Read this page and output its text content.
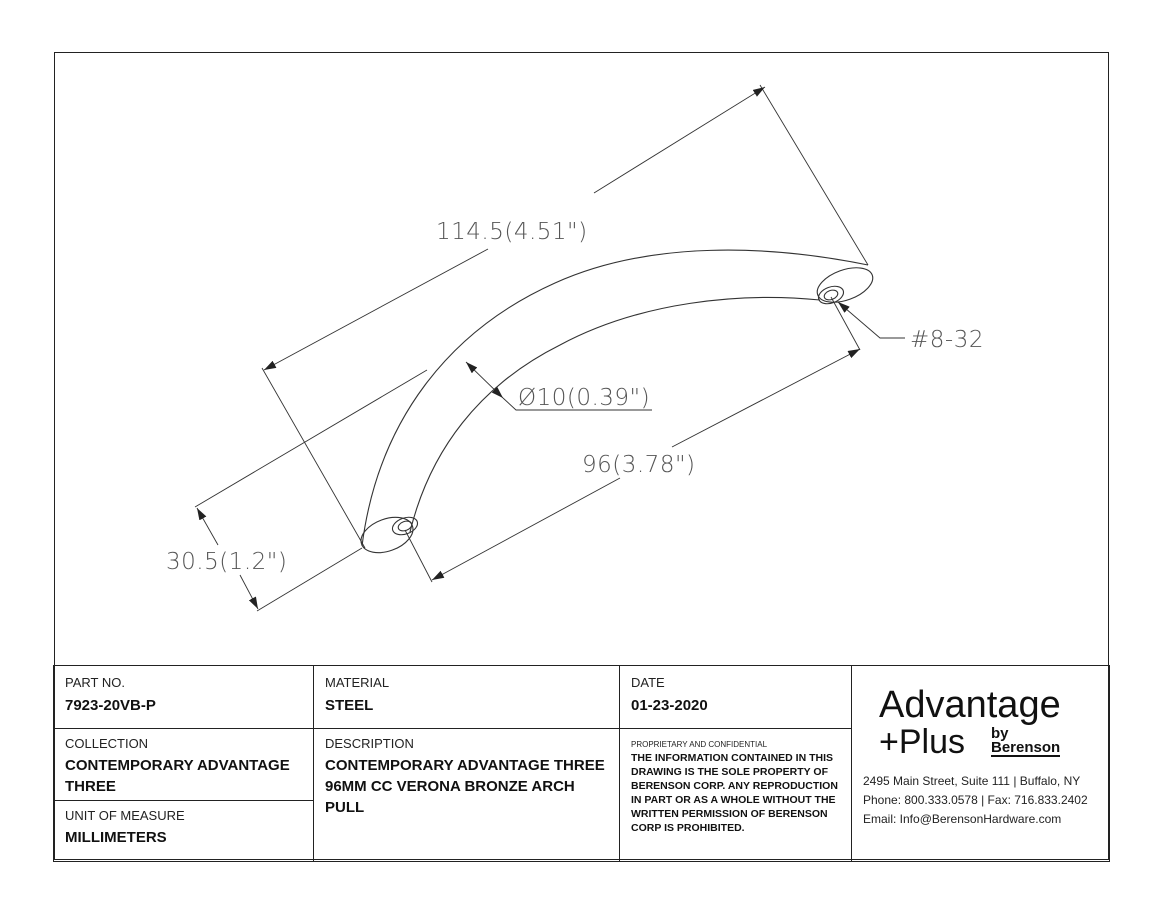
114.5(4.51")
Ø10(0.39")
96(3.78")
30.5(1.2")
#8-32
PART NO.
7923-20VB-P
MATERIAL
STEEL
DATE
01-23-2020
COLLECTION
CONTEMPORARY ADVANTAGE THREE
DESCRIPTION
CONTEMPORARY ADVANTAGE THREE 96MM CC VERONA BRONZE ARCH PULL
PROPRIETARY AND CONFIDENTIAL
THE INFORMATION CONTAINED IN THIS DRAWING IS THE SOLE PROPERTY OF BERENSON CORP. ANY REPRODUCTION IN PART OR AS A WHOLE WITHOUT THE WRITTEN PERMISSION OF BERENSON CORP IS PROHIBITED.
UNIT OF MEASURE
MILLIMETERS
Advantage
+Plus by
Berenson
2495 Main Street, Suite 111 | Buffalo, NY
Phone: 800.333.0578 | Fax: 716.833.2402
Email: Info@BerensonHardware.com
